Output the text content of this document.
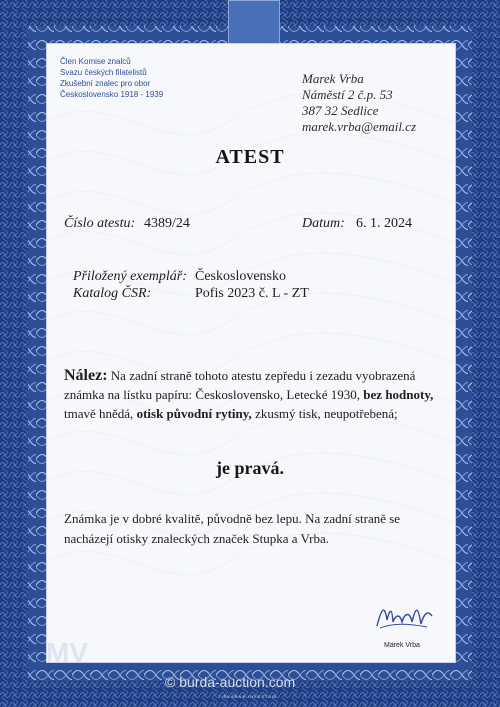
Člen Komise znalců
Svazu českých filatelistů
Zkušební znalec pro obor
Československo 1918 - 1939
Marek Vrba
Náměstí 2 č.p. 53
387 32 Sedlice
marek.vrba@email.cz
ATEST
Číslo atestu: 4389/24	Datum: 6. 1. 2024
Přiložený exemplář: Československo
Katalog ČSR:	Pofis 2023 č. L - ZT
Nález: Na zadní straně tohoto atestu zepředu i zezadu vyobrazená známka na lístku papíru: Československo, Letecké 1930, bez hodnoty, tmavě hnědá, otisk původní rytiny, zkusmý tisk, neupotřebená;
je pravá.
Známka je v dobré kvalitě, původně bez lepu. Na zadní straně se nacházejí otisky znaleckých značek Stupka a Vrba.
Marek Vrba
MV
© burda-auction.com
TISKÁRNA INVESTUM
